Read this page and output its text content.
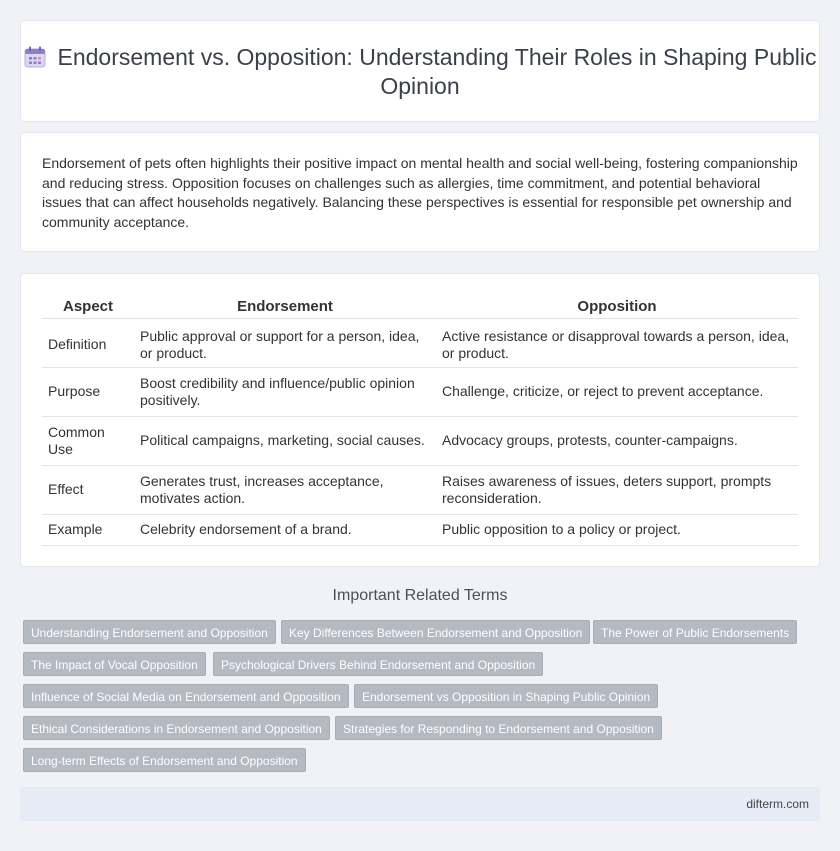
Endorsement vs. Opposition: Understanding Their Roles in Shaping Public Opinion

Endorsement of pets often highlights their positive impact on mental health and social well-being, fostering companionship and reducing stress. Opposition focuses on challenges such as allergies, time commitment, and potential behavioral issues that can affect households negatively. Balancing these perspectives is essential for responsible pet ownership and community acceptance.

Aspect	Endorsement	Opposition

Definition	Public approval or support for a person, idea, or product.	Active resistance or disapproval towards a person, idea, or product.
Purpose	Boost credibility and influence/public opinion positively.	Challenge, criticize, or reject to prevent acceptance.
Common Use	Political campaigns, marketing, social causes.	Advocacy groups, protests, counter-campaigns.
Effect	Generates trust, increases acceptance, motivates action.	Raises awareness of issues, deters support, prompts reconsideration.
Example	Celebrity endorsement of a brand.	Public opposition to a policy or project.
Important Related Terms
Understanding Endorsement and Opposition	Key Differences Between Endorsement and Opposition	The Power of Public Endorsements
The Impact of Vocal Opposition	Psychological Drivers Behind Endorsement and Opposition
Influence of Social Media on Endorsement and Opposition	Endorsement vs Opposition in Shaping Public Opinion
Ethical Considerations in Endorsement and Opposition	Strategies for Responding to Endorsement and Opposition
Long-term Effects of Endorsement and Opposition
difterm.com
